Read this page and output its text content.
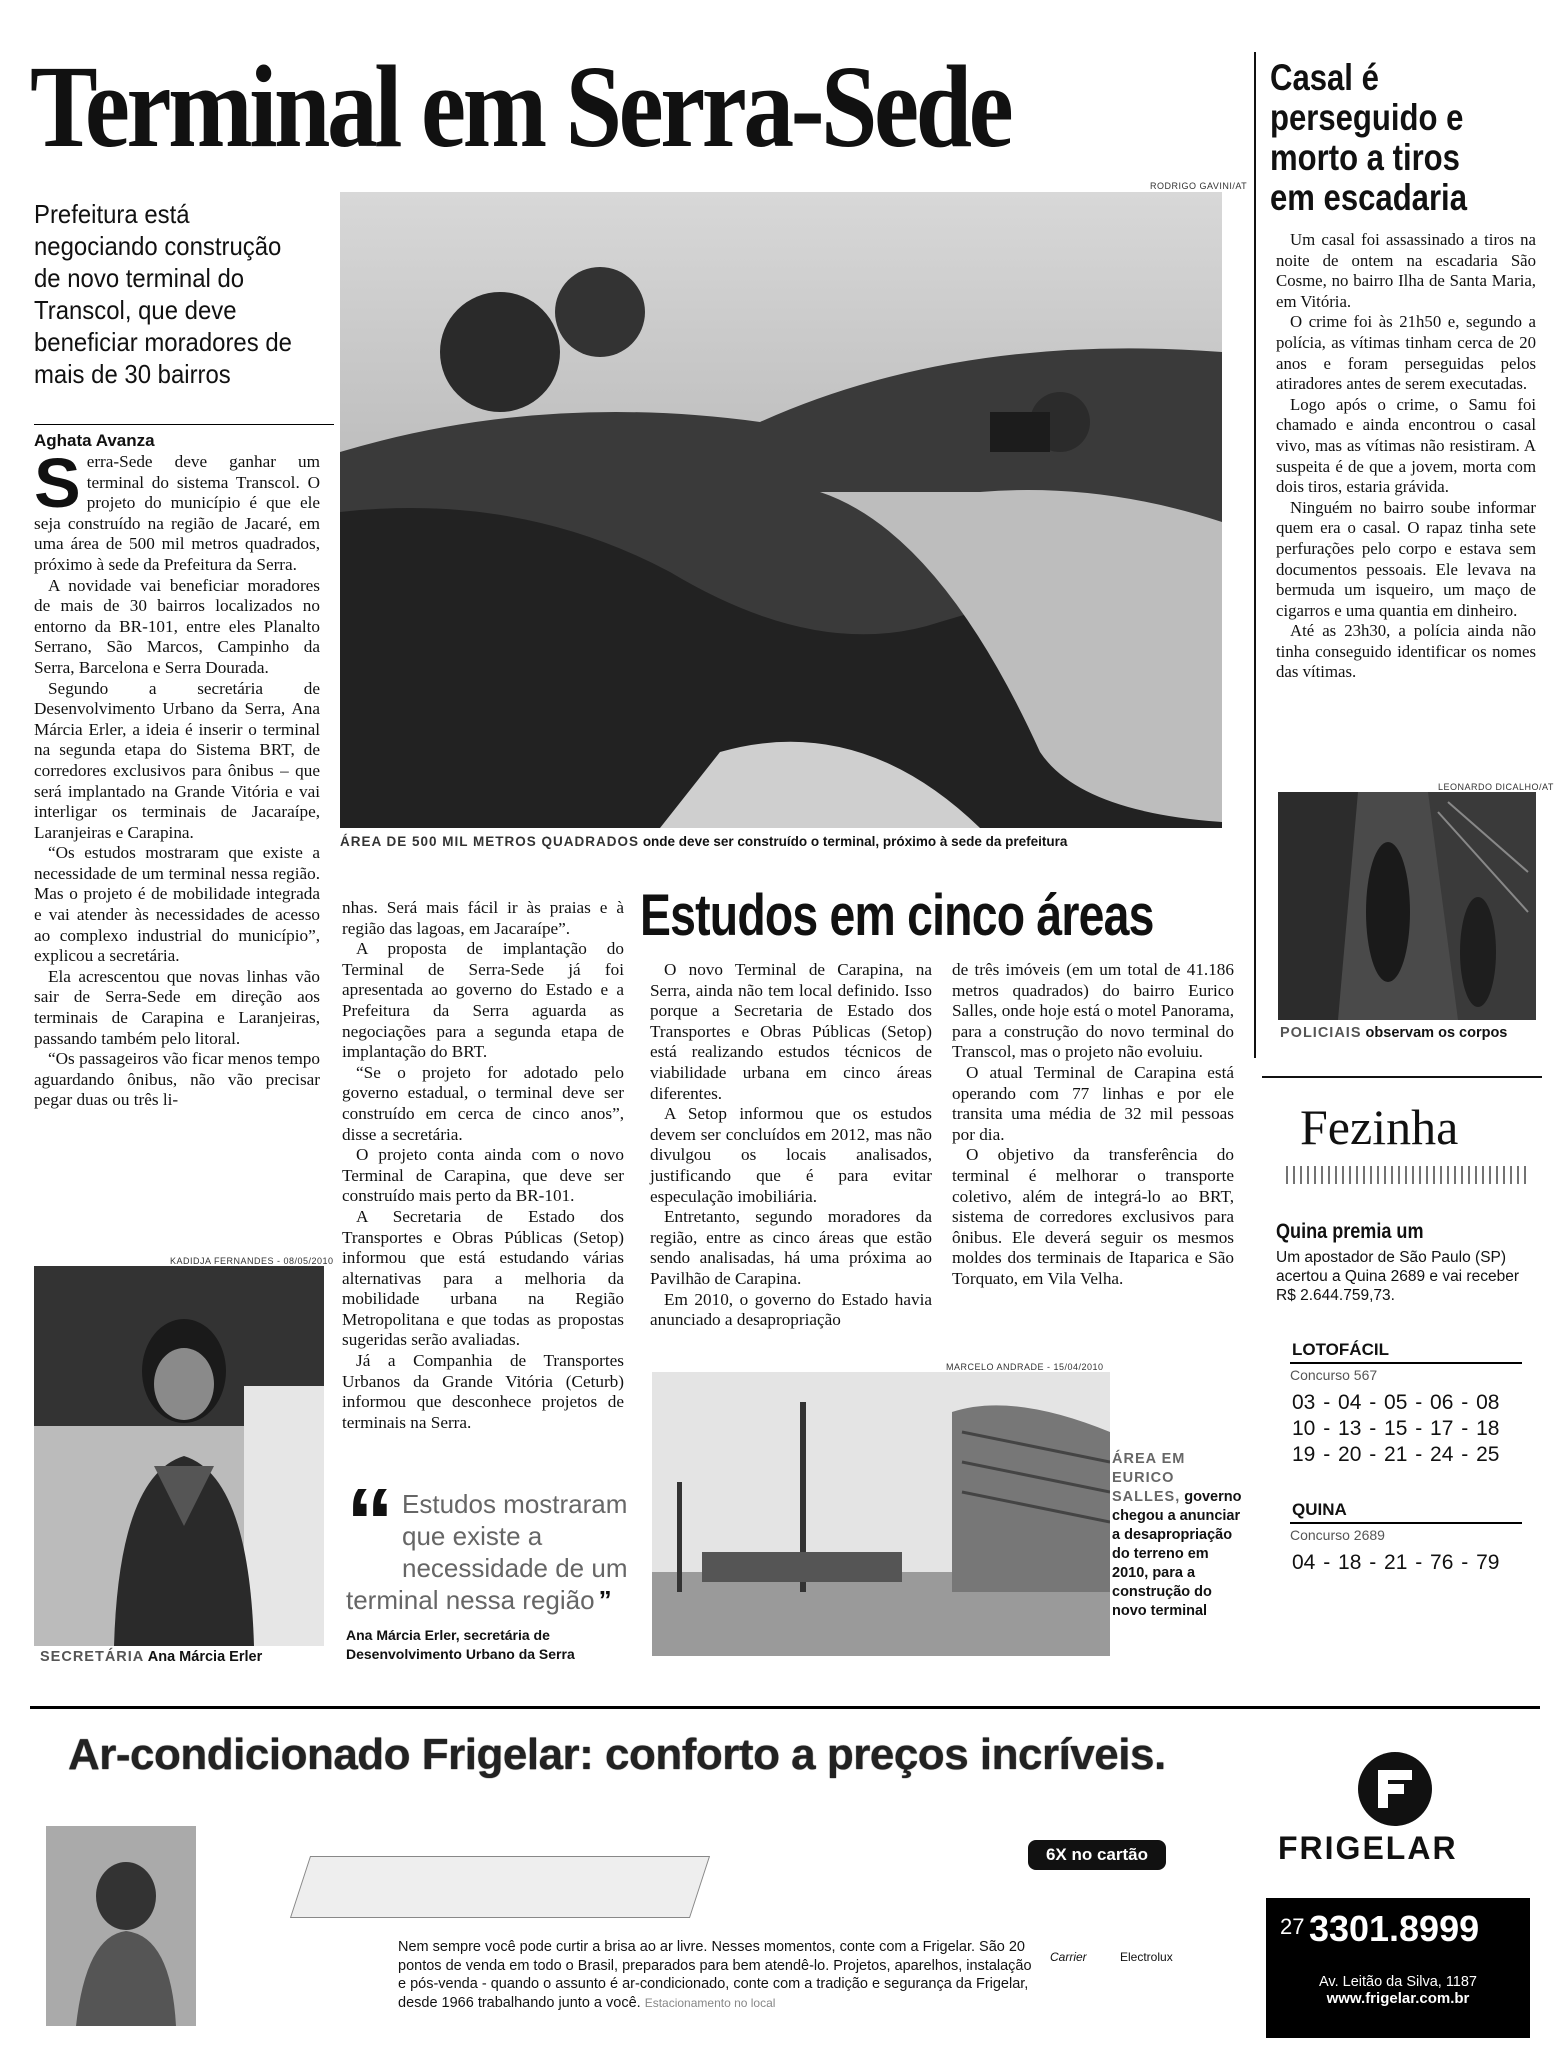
Terminal em Serra-Sede
Prefeitura está negociando construção de novo terminal do Transcol, que deve beneficiar moradores de mais de 30 bairros
Aghata Avanza

Serra-Sede deve ganhar um terminal do sistema Transcol. O projeto do município é que ele seja construído na região de Jacaré, em uma área de 500 mil metros quadrados, próximo à sede da Prefeitura da Serra.

A novidade vai beneficiar moradores de mais de 30 bairros localizados no entorno da BR-101, entre eles Planalto Serrano, São Marcos, Campinho da Serra, Barcelona e Serra Dourada.

Segundo a secretária de Desenvolvimento Urbano da Serra, Ana Márcia Erler, a ideia é inserir o terminal na segunda etapa do Sistema BRT, de corredores exclusivos para ônibus – que será implantado na Grande Vitória e vai interligar os terminais de Jacaraípe, Laranjeiras e Carapina.

“Os estudos mostraram que existe a necessidade de um terminal nessa região. Mas o projeto é de mobilidade integrada e vai atender às necessidades de acesso ao complexo industrial do município”, explicou a secretária.

Ela acrescentou que novas linhas vão sair de Serra-Sede em direção aos terminais de Carapina e Laranjeiras, passando também pelo litoral.

“Os passageiros vão ficar menos tempo aguardando ônibus, não vão precisar pegar duas ou três li-

RODRIGO GAVINI/AT
ÁREA DE 500 MIL METROS QUADRADOS onde deve ser construído o terminal, próximo à sede da prefeitura

nhas. Será mais fácil ir às praias e à região das lagoas, em Jacaraípe”.

A proposta de implantação do Terminal de Serra-Sede já foi apresentada ao governo do Estado e a Prefeitura da Serra aguarda as negociações para a segunda etapa de implantação do BRT.

“Se o projeto for adotado pelo governo estadual, o terminal deve ser construído em cerca de cinco anos”, disse a secretária.

O projeto conta ainda com o novo Terminal de Carapina, que deve ser construído mais perto da BR-101.

A Secretaria de Estado dos Transportes e Obras Públicas (Setop) informou que está estudando várias alternativas para a melhoria da mobilidade urbana na Região Metropolitana e que todas as propostas sugeridas serão avaliadas.

Já a Companhia de Transportes Urbanos da Grande Vitória (Ceturb) informou que desconhece projetos de terminais na Serra.

KADIDJA FERNANDES - 08/05/2010
SECRETÁRIA Ana Márcia Erler
“ Estudos mostraram que existe a necessidade de um terminal nessa região ”
Ana Márcia Erler, secretária de Desenvolvimento Urbano da Serra
Estudos em cinco áreas

O novo Terminal de Carapina, na Serra, ainda não tem local definido. Isso porque a Secretaria de Estado dos Transportes e Obras Públicas (Setop) está realizando estudos técnicos de viabilidade urbana em cinco áreas diferentes.

A Setop informou que os estudos devem ser concluídos em 2012, mas não divulgou os locais analisados, justificando que é para evitar especulação imobiliária.

Entretanto, segundo moradores da região, entre as cinco áreas que estão sendo analisadas, há uma próxima ao Pavilhão de Carapina.

Em 2010, o governo do Estado havia anunciado a desapropriação

de três imóveis (em um total de 41.186 metros quadrados) do bairro Eurico Salles, onde hoje está o motel Panorama, para a construção do novo terminal do Transcol, mas o projeto não evoluiu.

O atual Terminal de Carapina está operando com 77 linhas e por ele transita uma média de 32 mil pessoas por dia.

O objetivo da transferência do terminal é melhorar o transporte coletivo, além de integrá-lo ao BRT, sistema de corredores exclusivos para ônibus. Ele deverá seguir os mesmos moldes dos terminais de Itaparica e São Torquato, em Vila Velha.

MARCELO ANDRADE - 15/04/2010
ÁREA EM EURICO SALLES, governo chegou a anunciar a desapropriação do terreno em 2010, para a construção do novo terminal
Casal é perseguido e morto a tiros em escadaria

Um casal foi assassinado a tiros na noite de ontem na escadaria São Cosme, no bairro Ilha de Santa Maria, em Vitória.

O crime foi às 21h50 e, segundo a polícia, as vítimas tinham cerca de 20 anos e foram perseguidas pelos atiradores antes de serem executadas.

Logo após o crime, o Samu foi chamado e ainda encontrou o casal vivo, mas as vítimas não resistiram. A suspeita é de que a jovem, morta com dois tiros, estaria grávida.

Ninguém no bairro soube informar quem era o casal. O rapaz tinha sete perfurações pelo corpo e estava sem documentos pessoais. Ele levava na bermuda um isqueiro, um maço de cigarros e uma quantia em dinheiro.

Até as 23h30, a polícia ainda não tinha conseguido identificar os nomes das vítimas.

LEONARDO DICALHO/AT
POLICIAIS observam os corpos
Fezinha
Quina premia um
Um apostador de São Paulo (SP) acertou a Quina 2689 e vai receber R$ 2.644.759,73.
LOTOFÁCIL
Concurso 567
03 - 04 - 05 - 06 - 08
10 - 13 - 15 - 17 - 18
19 - 20 - 21 - 24 - 25
QUINA
Concurso 2689
04 - 18 - 21 - 76 - 79
Ar-condicionado Frigelar: conforto a preços incríveis.
6X no cartão
Nem sempre você pode curtir a brisa ao ar livre. Nesses momentos, conte com a Frigelar. São 20 pontos de venda em todo o Brasil, preparados para bem atendê-lo. Projetos, aparelhos, instalação e pós-venda - quando o assunto é ar-condicionado, conte com a tradição e segurança da Frigelar, desde 1966 trabalhando junto a você. Estacionamento no local
Carrier	Electrolux
FRIGELAR
27 3301.8999
Av. Leitão da Silva, 1187
www.frigelar.com.br
